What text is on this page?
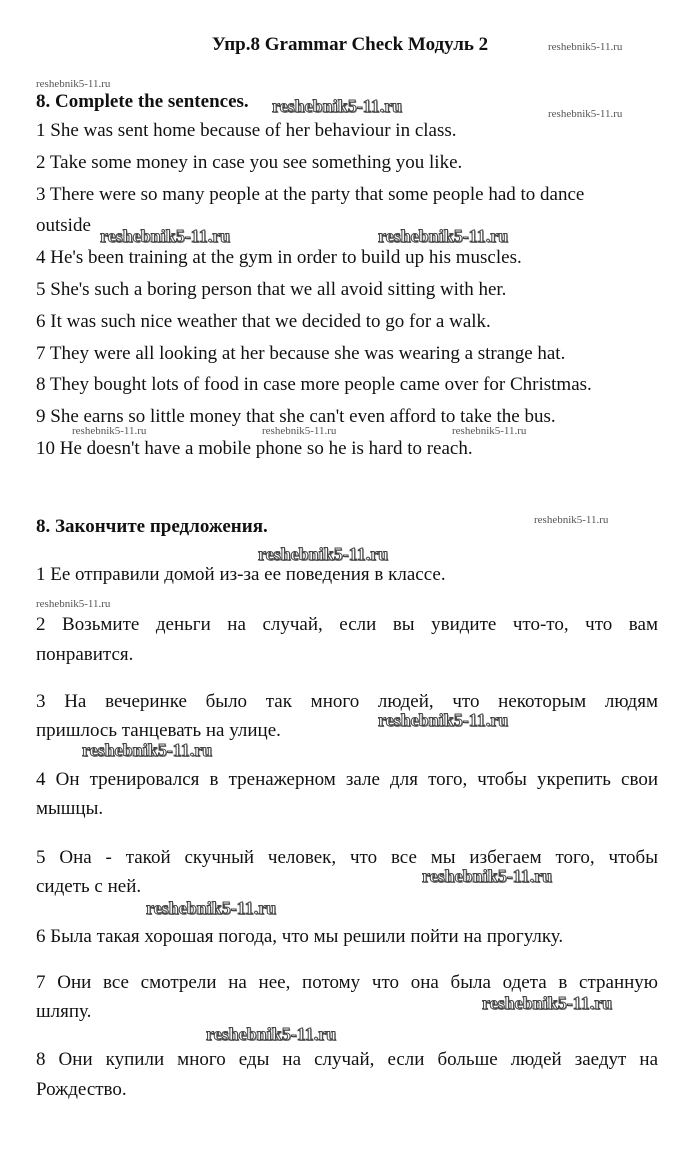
Упр.8 Grammar Check Модуль 2
8. Complete the sentences.
1 She was sent home because of her behaviour in class.
2 Take some money in case you see something you like.
3 There were so many people at the party that some people had to dance
outside
4 He's been training at the gym in order to build up his muscles.
5 She's such a boring person that we all avoid sitting with her.
6 It was such nice weather that we decided to go for a walk.
7 They were all looking at her because she was wearing a strange hat.
8 They bought lots of food in case more people came over for Christmas.
9 She earns so little money that she can't even afford to take the bus.
10 He doesn't have a mobile phone so he is hard to reach.
8. Закончите предложения.
1 Ее отправили домой из-за ее поведения в классе.
2 Возьмите деньги на случай, если вы увидите что-то, что вам
понравится.
3 На вечеринке было так много людей, что некоторым людям
пришлось танцевать на улице.
4 Он тренировался в тренажерном зале для того, чтобы укрепить свои
мышцы.
5 Она - такой скучный человек, что все мы избегаем того, чтобы
сидеть с ней.
6 Была такая хорошая погода, что мы решили пойти на прогулку.
7 Они все смотрели на нее, потому что она была одета в странную
шляпу.
8 Они купили много еды на случай, если больше людей заедут на
Рождество.
reshebnik5-11.ru
reshebnik5-11.ru
reshebnik5-11.ru
reshebnik5-11.ru	reshebnik5-11.ru	reshebnik5-11.ru
reshebnik5-11.ru
reshebnik5-11.ru
reshebnik5-11.ru
reshebnik5-11.ru	reshebnik5-11.ru
reshebnik5-11.ru
reshebnik5-11.ru
reshebnik5-11.ru
reshebnik5-11.ru
reshebnik5-11.ru
reshebnik5-11.ru
reshebnik5-11.ru
